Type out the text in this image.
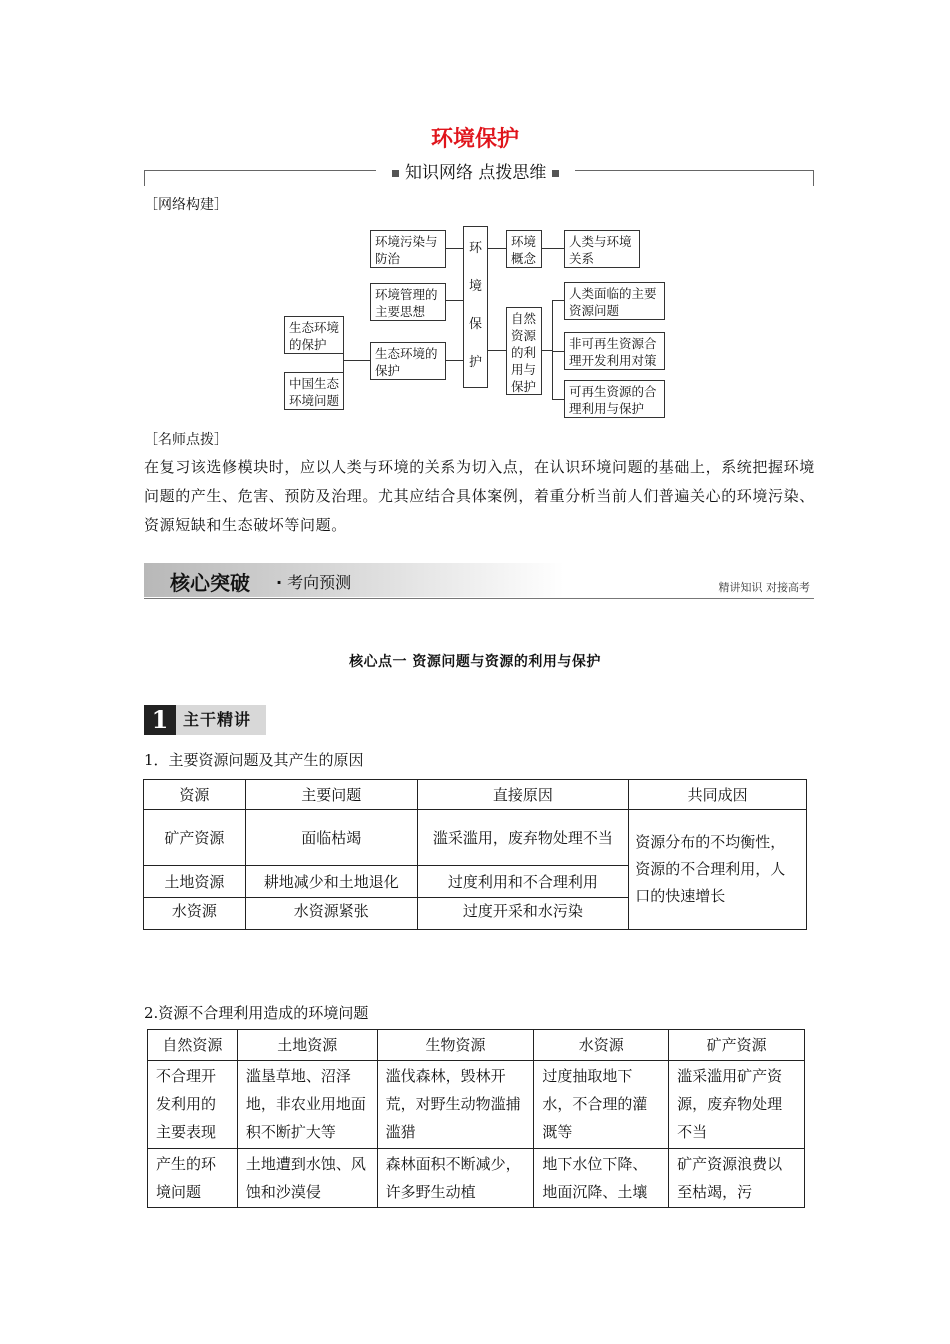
环境保护
知识网络 点拨思维
［网络构建］
生态环境的保护
中国生态环境问题
环境污染与防治
环境管理的主要思想
生态环境的保护
环
境
保
护
环境概念
人类与环境关系
自然资源的利用与保护
人类面临的主要资源问题
非可再生资源合理开发利用对策
可再生资源的合理利用与保护
［名师点拨］
在复习该选修模块时，应以人类与环境的关系为切入点，在认识环境问题的基础上，系统把握环境问题的产生、危害、预防及治理。尤其应结合具体案例，着重分析当前人们普遍关心的环境污染、资源短缺和生态破坏等问题。
核心突破 · 考向预测	精讲知识 对接高考
核心点一 资源问题与资源的利用与保护
1 主干精讲
1．主要资源问题及其产生的原因
资源	主要问题	直接原因	共同成因
矿产资源	面临枯竭	滥采滥用，废弃物处理不当	资源分布的不均衡性，资源的不合理利用，人口的快速增长
土地资源	耕地减少和土地退化	过度利用和不合理利用	
水资源	水资源紧张	过度开采和水污染	
2.资源不合理利用造成的环境问题
自然资源	土地资源	生物资源	水资源	矿产资源
不合理开发利用的主要表现	滥垦草地、沼泽地，非农业用地面积不断扩大等	滥伐森林，毁林开荒，对野生动物滥捕滥猎	过度抽取地下水，不合理的灌溉等	滥采滥用矿产资源，废弃物处理不当
产生的环境问题	土地遭到水蚀、风蚀和沙漠侵	森林面积不断减少，许多野生动植	地下水位下降、地面沉降、土壤	矿产资源浪费以至枯竭，污
